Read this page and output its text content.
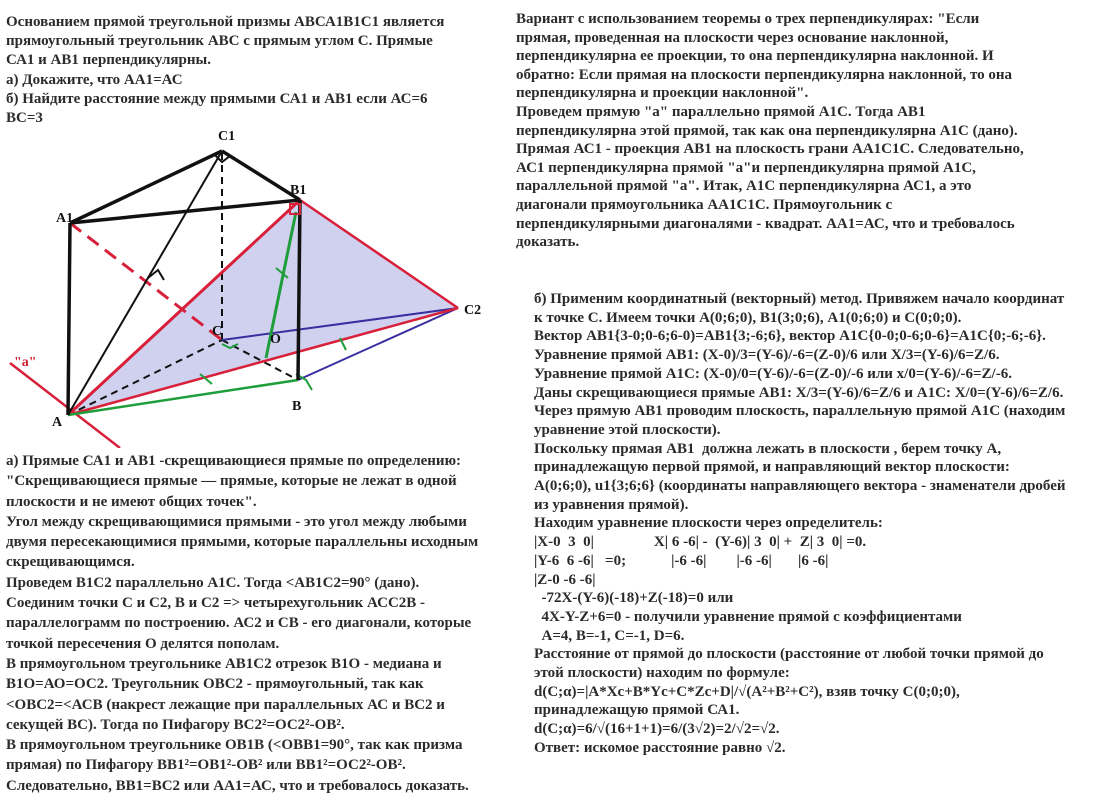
Основанием прямой треугольной призмы АВСА1В1С1 является
прямоугольный треугольник АВС с прямым углом С. Прямые
СА1 и АВ1 перпендикулярны.
а) Докажите, что АА1=АС
б) Найдите расстояние между прямыми СА1 и АВ1 если АС=6
ВС=3
C1
B1
A1
C2
C
O
A
B
"a"
а) Прямые СА1 и АВ1 -скрещивающиеся прямые по определению:
"Скрещивающиеся прямые — прямые, которые не лежат в одной
плоскости и не имеют общих точек".
Угол между скрещивающимися прямыми - это угол между любыми
двумя пересекающимися прямыми, которые параллельны исходным
скрещивающимся.
Проведем В1С2 параллельно А1С. Тогда <АВ1С2=90° (дано).
Соединим точки С и С2, В и С2 => четырехугольник АСС2В -
параллелограмм по построению. АС2 и СВ - его диагонали, которые
точкой пересечения О делятся пополам.
В прямоугольном треугольнике АВ1С2 отрезок В1О - медиана и
В1О=АО=ОС2. Треугольник ОВС2 - прямоугольный, так как
<ОВС2=<АСВ (накрест лежащие при параллельных АС и ВС2 и
секущей ВС). Тогда по Пифагору ВС2²=ОС2²-ОВ².
В прямоугольном треугольнике ОВ1В (<ОВВ1=90°, так как призма
прямая) по Пифагору ВВ1²=ОВ1²-ОВ² или ВВ1²=ОС2²-ОВ².
Следовательно, ВВ1=ВС2 или АА1=АС, что и требовалось доказать.
Вариант с использованием теоремы о трех перпендикулярах: "Если
прямая, проведенная на плоскости через основание наклонной,
перпендикулярна ее проекции, то она перпендикулярна наклонной. И
обратно: Если прямая на плоскости перпендикулярна наклонной, то она
перпендикулярна и проекции наклонной".
Проведем прямую "а" параллельно прямой А1С. Тогда АВ1
перпендикулярна этой прямой, так как она перпендикулярна А1С (дано).
Прямая АС1 - проекция АВ1 на плоскость грани АА1С1С. Следовательно,
АС1 перпендикулярна прямой "а"и перпендикулярна прямой А1С,
параллельной прямой "а". Итак, А1С перпендикулярна АС1, а это
диагонали прямоугольника АА1С1С. Прямоугольник с
перпендикулярными диагоналями - квадрат. АА1=АС, что и требовалось
доказать.
б) Применим координатный (векторный) метод. Привяжем начало координат
к точке С. Имеем точки А(0;6;0), В1(3;0;6), А1(0;6;0) и С(0;0;0).
Вектор АВ1{3-0;0-6;6-0)=АВ1{3;-6;6}, вектор А1С{0-0;0-6;0-6}=А1С{0;-6;-6}.
Уравнение прямой АВ1: (Х-0)/3=(Y-6)/-6=(Z-0)/6 или Х/3=(Y-6)/6=Z/6.
Уравнение прямой А1С: (Х-0)/0=(Y-6)/-6=(Z-0)/-6 или х/0=(Y-6)/-6=Z/-6.
Даны скрещивающиеся прямые АВ1: Х/3=(Y-6)/6=Z/6 и А1С: Х/0=(Y-6)/6=Z/6.
Через прямую АВ1 проводим плоскость, параллельную прямой А1С (находим
уравнение этой плоскости).
Поскольку прямая АВ1  должна лежать в плоскости , берем точку А,
принадлежащую первой прямой, и направляющий вектор плоскости:
А(0;6;0), u1{3;6;6} (координаты направляющего вектора - знаменатели дробей
из уравнения прямой).
Находим уравнение плоскости через определитель:
|Х-0  3  0|                X| 6 -6| -  (Y-6)| 3  0| +  Z| 3  0| =0.
|Y-6  6 -6|   =0;            |-6 -6|        |-6 -6|       |6 -6|
|Z-0 -6 -6|
-72Х-(Y-6)(-18)+Z(-18)=0 или
4Х-Y-Z+6=0 - получили уравнение прямой с коэффициентами
А=4, В=-1, С=-1, D=6.
Расстояние от прямой до плоскости (расстояние от любой точки прямой до
этой плоскости) находим по формуле:
d(C;α)=|A*Xc+B*Yc+C*Zc+D|/√(A²+B²+C²), взяв точку С(0;0;0),
принадлежащую прямой СА1.
d(C;α)=6/√(16+1+1)=6/(3√2)=2/√2=√2.
Ответ: искомое расстояние равно √2.
